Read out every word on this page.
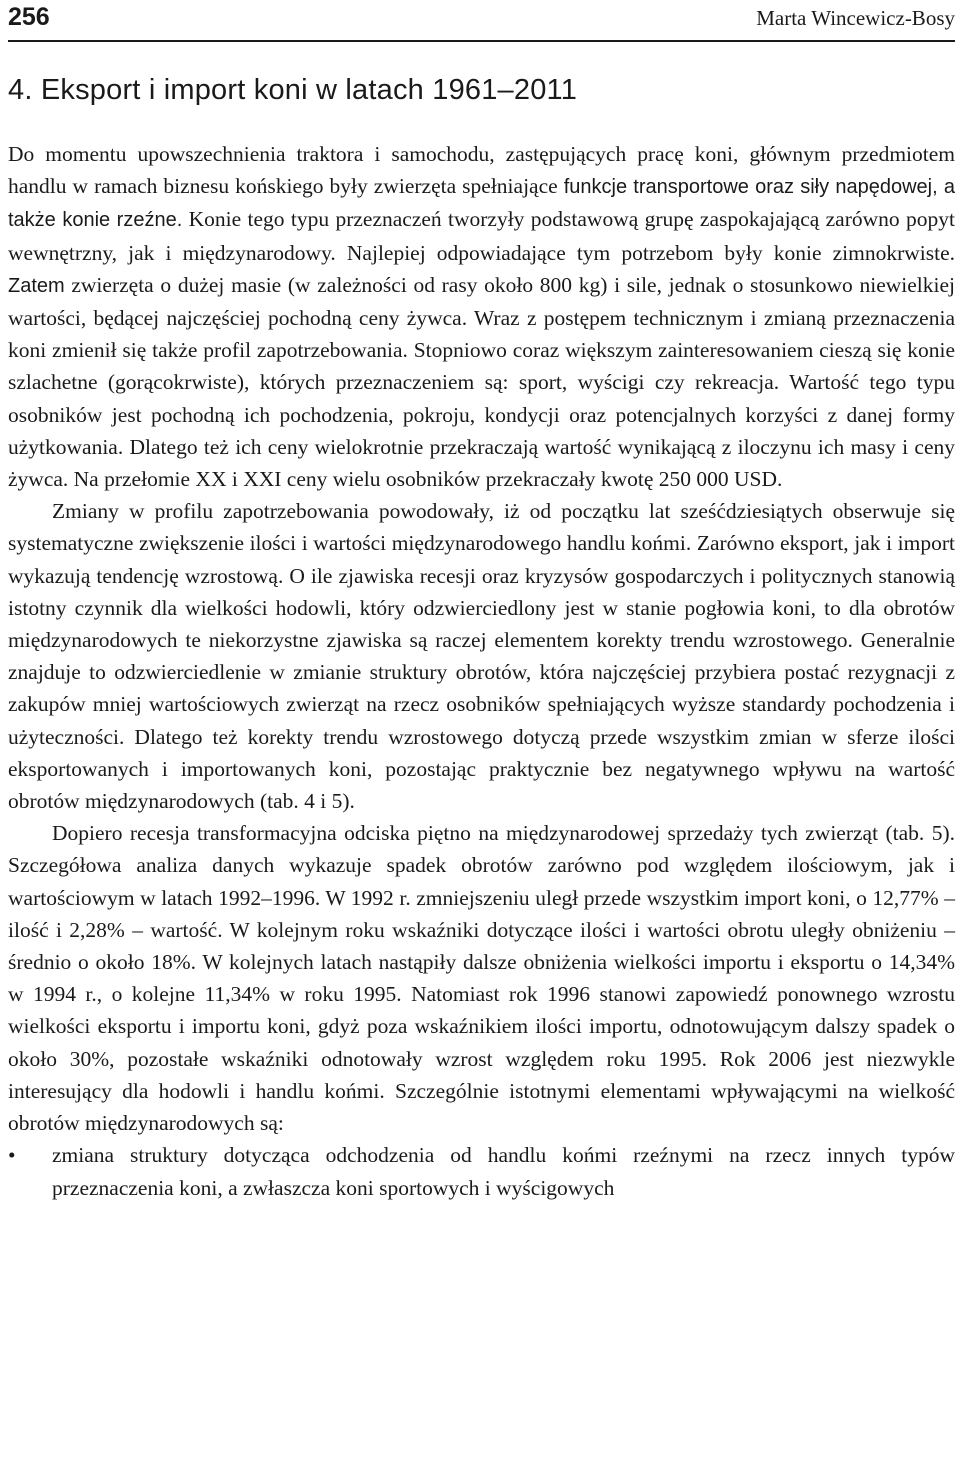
256	Marta Wincewicz-Bosy
4. Eksport i import koni w latach 1961–2011

Do momentu upowszechnienia traktora i samochodu, zastępujących pracę koni, głównym przedmiotem handlu w ramach biznesu końskiego były zwierzęta spełniające funkcje transportowe oraz siły napędowej, a także konie rzeźne. Konie tego typu przeznaczeń tworzyły podstawową grupę zaspokajającą zarówno popyt wewnętrzny, jak i międzynarodowy. Najlepiej odpowiadające tym potrzebom były konie zimnokrwiste. Zatem zwierzęta o dużej masie (w zależności od rasy około 800 kg) i sile, jednak o stosunkowo niewielkiej wartości, będącej najczęściej pochodną ceny żywca. Wraz z postępem technicznym i zmianą przeznaczenia koni zmienił się także profil zapotrzebowania. Stopniowo coraz większym zainteresowaniem cieszą się konie szlachetne (gorącokrwiste), których przeznaczeniem są: sport, wyścigi czy rekreacja. Wartość tego typu osobników jest pochodną ich pochodzenia, pokroju, kondycji oraz potencjalnych korzyści z danej formy użytkowania. Dlatego też ich ceny wielokrotnie przekraczają wartość wynikającą z iloczynu ich masy i ceny żywca. Na przełomie XX i XXI ceny wielu osobników przekraczały kwotę 250 000 USD.

Zmiany w profilu zapotrzebowania powodowały, iż od początku lat sześćdziesiątych obserwuje się systematyczne zwiększenie ilości i wartości międzynarodowego handlu końmi. Zarówno eksport, jak i import wykazują tendencję wzrostową. O ile zjawiska recesji oraz kryzysów gospodarczych i politycznych stanowią istotny czynnik dla wielkości hodowli, który odzwierciedlony jest w stanie pogłowia koni, to dla obrotów międzynarodowych te niekorzystne zjawiska są raczej elementem korekty trendu wzrostowego. Generalnie znajduje to odzwierciedlenie w zmianie struktury obrotów, która najczęściej przybiera postać rezygnacji z zakupów mniej wartościowych zwierząt na rzecz osobników spełniających wyższe standardy pochodzenia i użyteczności. Dlatego też korekty trendu wzrostowego dotyczą przede wszystkim zmian w sferze ilości eksportowanych i importowanych koni, pozostając praktycznie bez negatywnego wpływu na wartość obrotów międzynarodowych (tab. 4 i 5).

Dopiero recesja transformacyjna odciska piętno na międzynarodowej sprzedaży tych zwierząt (tab. 5). Szczegółowa analiza danych wykazuje spadek obrotów zarówno pod względem ilościowym, jak i wartościowym w latach 1992–1996. W 1992 r. zmniejszeniu uległ przede wszystkim import koni, o 12,77% – ilość i 2,28% – wartość. W kolejnym roku wskaźniki dotyczące ilości i wartości obrotu uległy obniżeniu – średnio o około 18%. W kolejnych latach nastąpiły dalsze obniżenia wielkości importu i eksportu o 14,34% w 1994 r., o kolejne 11,34% w roku 1995. Natomiast rok 1996 stanowi zapowiedź ponownego wzrostu wielkości eksportu i importu koni, gdyż poza wskaźnikiem ilości importu, odnotowującym dalszy spadek o około 30%, pozostałe wskaźniki odnotowały wzrost względem roku 1995. Rok 2006 jest niezwykle interesujący dla hodowli i handlu końmi. Szczególnie istotnymi elementami wpływającymi na wielkość obrotów międzynarodowych są:

• zmiana struktury dotycząca odchodzenia od handlu końmi rzeźnymi na rzecz innych typów przeznaczenia koni, a zwłaszcza koni sportowych i wyścigowych
